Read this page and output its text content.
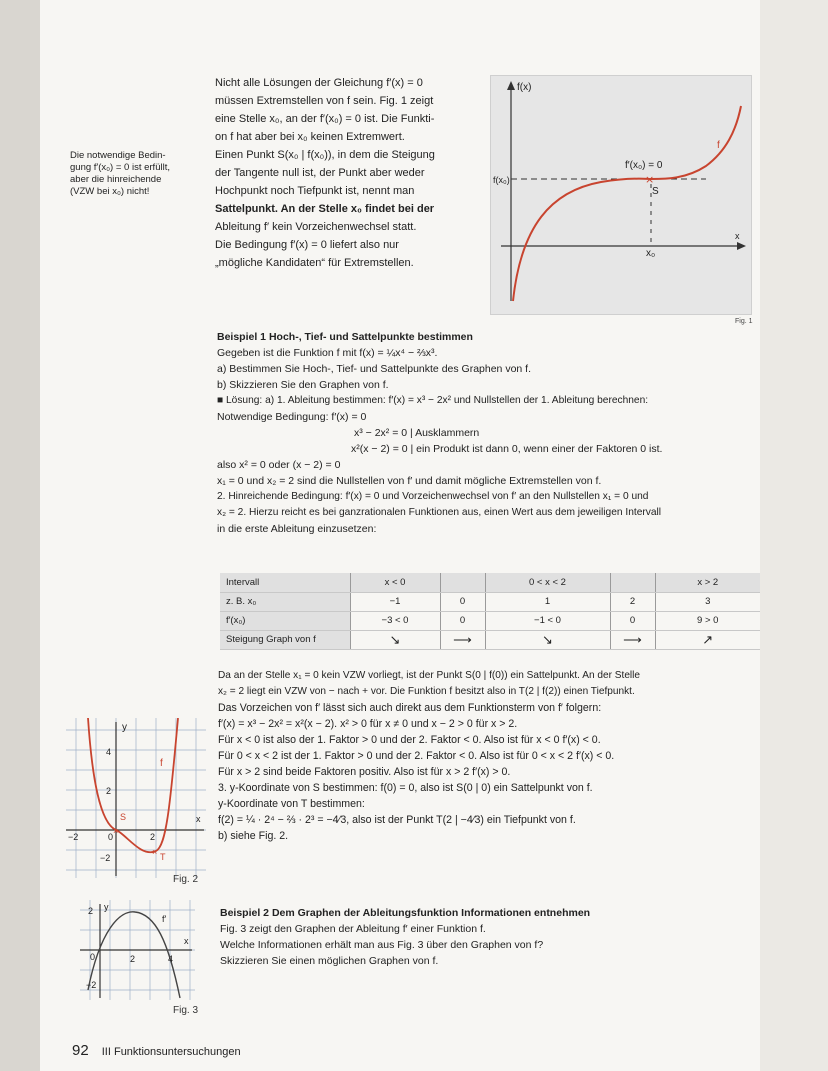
Die notwendige Bedin-

gung f′(x₀) = 0 ist erfüllt,

aber die hinreichende

(VZW bei x₀) nicht!

Nicht alle Lösungen der Gleichung f′(x) = 0

müssen Extremstellen von f sein. Fig. 1 zeigt

eine Stelle x₀, an der f′(x₀) = 0 ist. Die Funkti-

on f hat aber bei x₀ keinen Extremwert.

Einen Punkt S(x₀ | f(x₀)), in dem die Steigung

der Tangente null ist, der Punkt aber weder

Hochpunkt noch Tiefpunkt ist, nennt man

Sattelpunkt. An der Stelle x₀ findet bei der

Ableitung f′ kein Vorzeichenwechsel statt.

Die Bedingung f′(x) = 0 liefert also nur

„mögliche Kandidaten“ für Extremstellen.

×
f(x)
x
f(x₀)
f′(x₀) = 0
S
x₀
f
Fig. 1

Beispiel 1 Hoch-, Tief- und Sattelpunkte bestimmen

Gegeben ist die Funktion f mit f(x) = ¼x⁴ − ⅔x³.

a) Bestimmen Sie Hoch-, Tief- und Sattelpunkte des Graphen von f.

b) Skizzieren Sie den Graphen von f.

■ Lösung: a) 1. Ableitung bestimmen: f′(x) = x³ − 2x² und Nullstellen der 1. Ableitung berechnen:

Notwendige Bedingung: f′(x) = 0

x³ − 2x² = 0 | Ausklammern

x²(x − 2) = 0 | ein Produkt ist dann 0, wenn einer der Faktoren 0 ist.

also x² = 0 oder (x − 2) = 0

x₁ = 0 und x₂ = 2 sind die Nullstellen von f′ und damit mögliche Extremstellen von f.

2. Hinreichende Bedingung: f′(x) = 0 und Vorzeichenwechsel von f′ an den Nullstellen x₁ = 0 und

x₂ = 2. Hierzu reicht es bei ganzrationalen Funktionen aus, einen Wert aus dem jeweiligen Intervall

in die erste Ableitung einzusetzen:

Intervall	x < 0		0 < x < 2		x > 2
z. B. x₀	−1	0	1	2	3
f′(x₀)	−3 < 0	0	−1 < 0	0	9 > 0
Steigung Graph von f	↘	⟶	↘	⟶	↗

Da an der Stelle x₁ = 0 kein VZW vorliegt, ist der Punkt S(0 | f(0)) ein Sattelpunkt. An der Stelle

x₂ = 2 liegt ein VZW von − nach + vor. Die Funktion f besitzt also in T(2 | f(2)) einen Tiefpunkt.

Das Vorzeichen von f′ lässt sich auch direkt aus dem Funktionsterm von f′ folgern:

f′(x) = x³ − 2x² = x²(x − 2). x² > 0 für x ≠ 0 und x − 2 > 0 für x > 2.

Für x < 0 ist also der 1. Faktor > 0 und der 2. Faktor < 0. Also ist für x < 0 f′(x) < 0.

Für 0 < x < 2 ist der 1. Faktor > 0 und der 2. Faktor < 0. Also ist für 0 < x < 2 f′(x) < 0.

Für x > 2 sind beide Faktoren positiv. Also ist für x > 2 f′(x) > 0.

3. y-Koordinate von S bestimmen: f(0) = 0, also ist S(0 | 0) ein Sattelpunkt von f.

y-Koordinate von T bestimmen:

f(2) = ¼ · 2⁴ − ⅔ · 2³ = −4⁄3, also ist der Punkt T(2 | −4⁄3) ein Tiefpunkt von f.

b) siehe Fig. 2.

×
×
y
x
4
2
−2
−2	2
0
f
S
T
Fig. 2
y
x
2
−2
0	2	4
f′
Fig. 3

Beispiel 2 Dem Graphen der Ableitungsfunktion Informationen entnehmen

Fig. 3 zeigt den Graphen der Ableitung f′ einer Funktion f.

Welche Informationen erhält man aus Fig. 3 über den Graphen von f?

Skizzieren Sie einen möglichen Graphen von f.

92 III Funktionsuntersuchungen
